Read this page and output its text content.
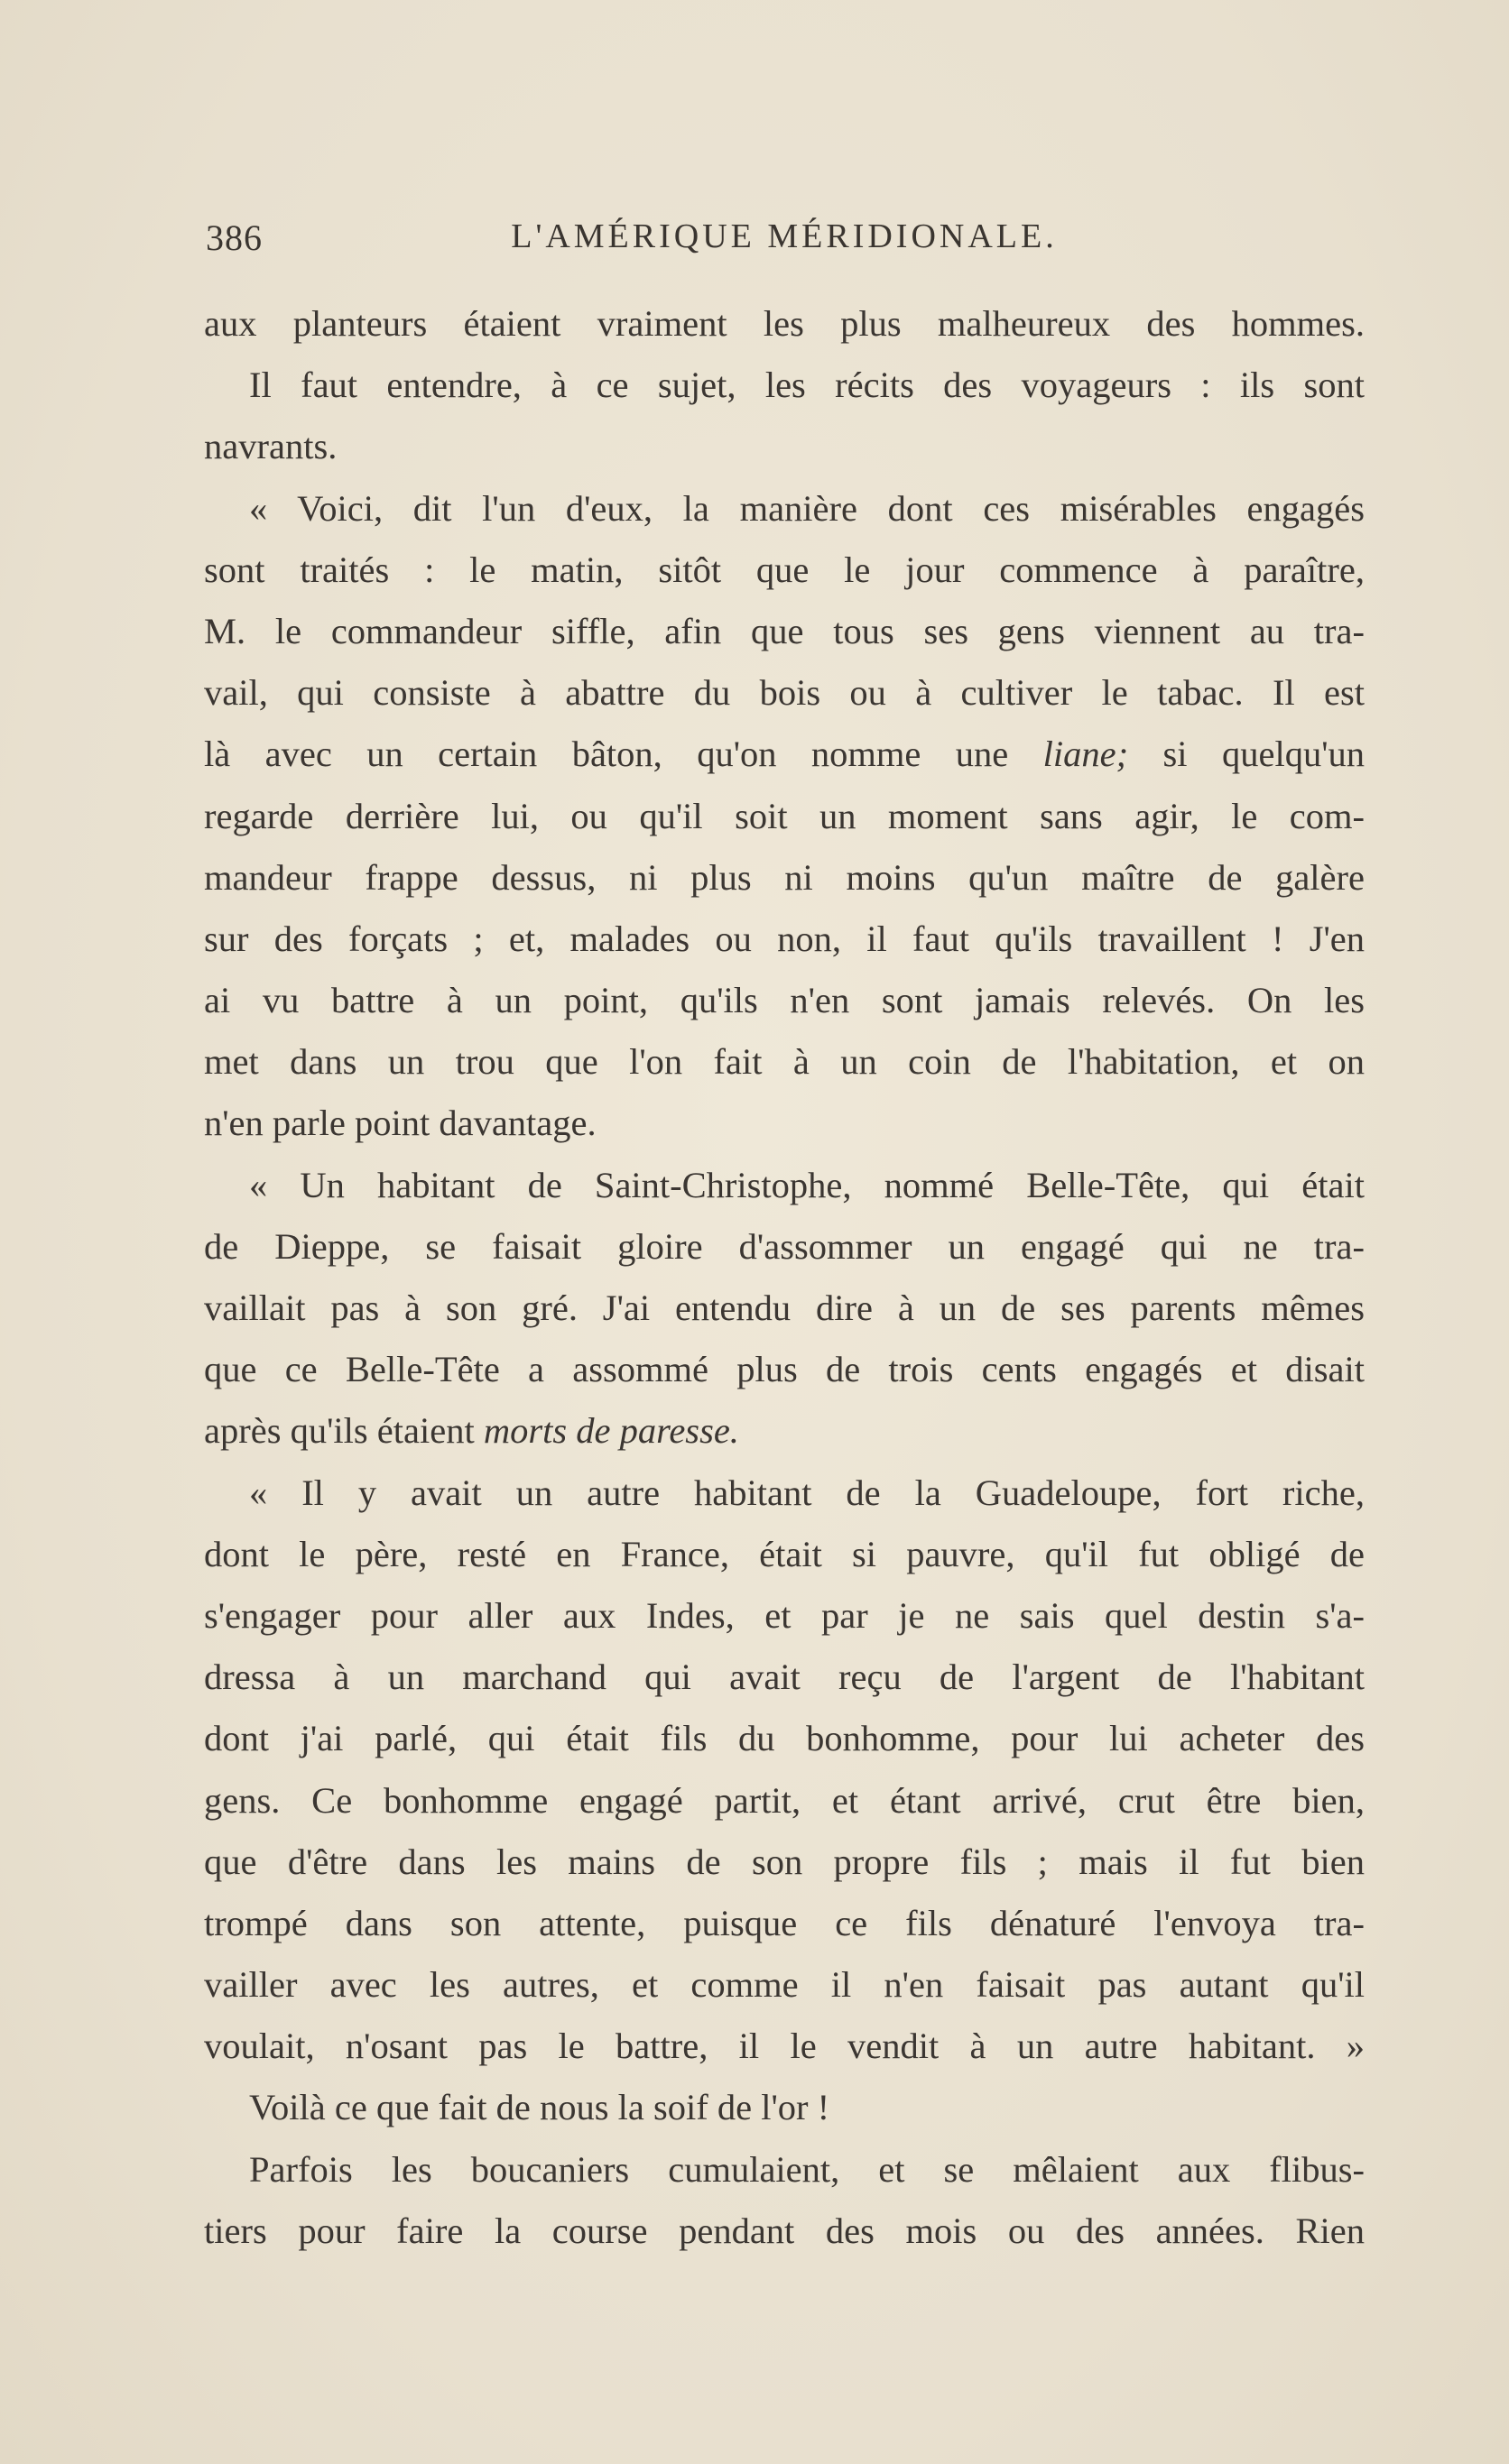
386	L'AMÉRIQUE MÉRIDIONALE.
aux planteurs étaient vraiment les plus malheureux des hommes.
Il faut entendre, à ce sujet, les récits des voyageurs : ils sont
navrants.
« Voici, dit l'un d'eux, la manière dont ces misérables engagés
sont traités : le matin, sitôt que le jour commence à paraître,
M. le commandeur siffle, afin que tous ses gens viennent au tra-
vail, qui consiste à abattre du bois ou à cultiver le tabac. Il est
là avec un certain bâton, qu'on nomme une liane; si quelqu'un
regarde derrière lui, ou qu'il soit un moment sans agir, le com-
mandeur frappe dessus, ni plus ni moins qu'un maître de galère
sur des forçats ; et, malades ou non, il faut qu'ils travaillent ! J'en
ai vu battre à un point, qu'ils n'en sont jamais relevés. On les
met dans un trou que l'on fait à un coin de l'habitation, et on
n'en parle point davantage.
« Un habitant de Saint-Christophe, nommé Belle-Tête, qui était
de Dieppe, se faisait gloire d'assommer un engagé qui ne tra-
vaillait pas à son gré. J'ai entendu dire à un de ses parents mêmes
que ce Belle-Tête a assommé plus de trois cents engagés et disait
après qu'ils étaient morts de paresse.
« Il y avait un autre habitant de la Guadeloupe, fort riche,
dont le père, resté en France, était si pauvre, qu'il fut obligé de
s'engager pour aller aux Indes, et par je ne sais quel destin s'a-
dressa à un marchand qui avait reçu de l'argent de l'habitant
dont j'ai parlé, qui était fils du bonhomme, pour lui acheter des
gens. Ce bonhomme engagé partit, et étant arrivé, crut être bien,
que d'être dans les mains de son propre fils ; mais il fut bien
trompé dans son attente, puisque ce fils dénaturé l'envoya tra-
vailler avec les autres, et comme il n'en faisait pas autant qu'il
voulait, n'osant pas le battre, il le vendit à un autre habitant. »
Voilà ce que fait de nous la soif de l'or !
Parfois les boucaniers cumulaient, et se mêlaient aux flibus-
tiers pour faire la course pendant des mois ou des années. Rien
